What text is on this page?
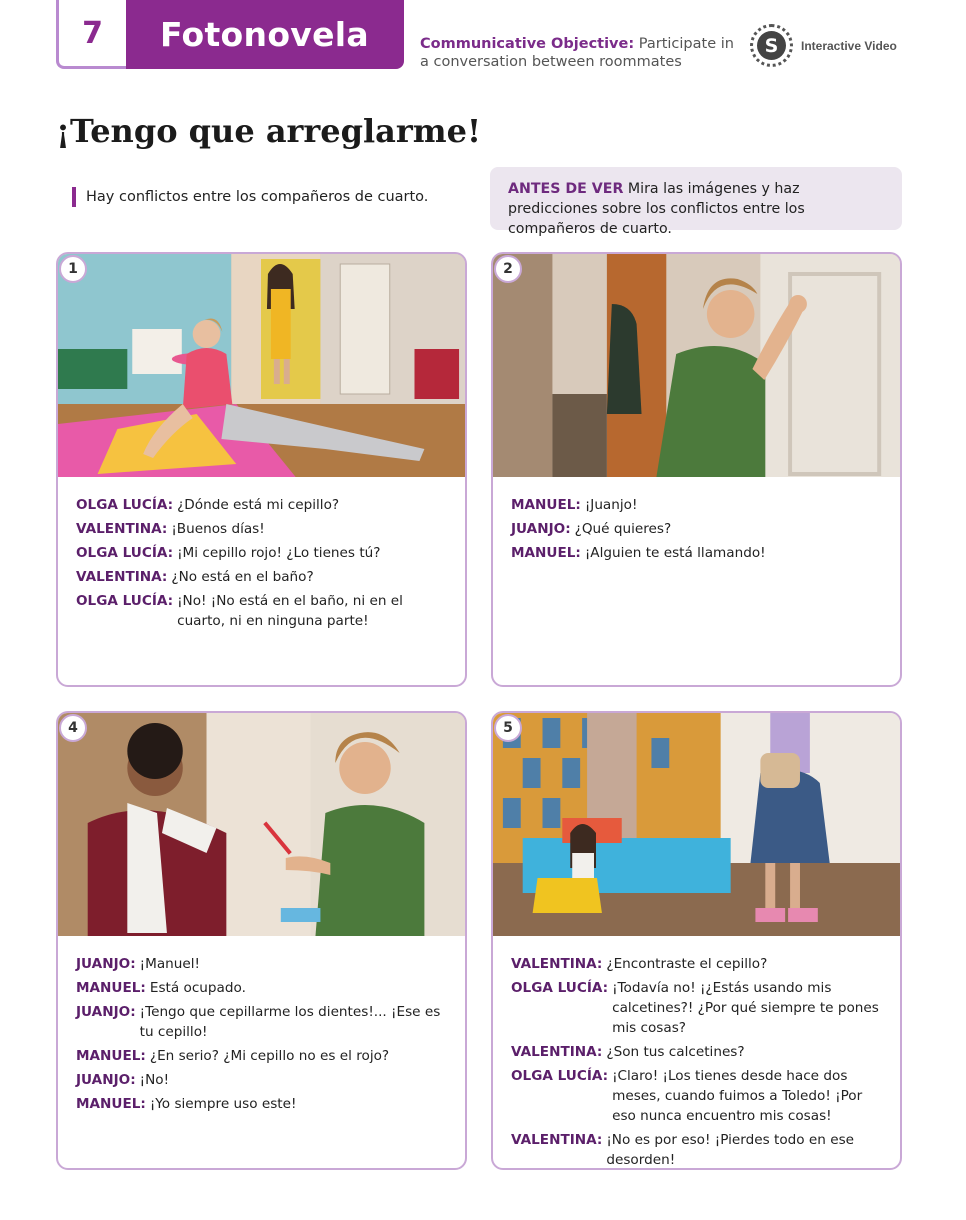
7 Fotonovela	Communicative Objective: Participate in a conversation between roommates
S	Interactive Video
¡Tengo que arreglarme!
Hay conflictos entre los compañeros de cuarto.	ANTES DE VER Mira las imágenes y haz predicciones sobre los conflictos entre los compañeros de cuarto.
1
OLGA LUCÍA: ¿Dónde está mi cepillo?
VALENTINA: ¡Buenos días!
OLGA LUCÍA: ¡Mi cepillo rojo! ¿Lo tienes tú?
VALENTINA: ¿No está en el baño?
OLGA LUCÍA: ¡No! ¡No está en el baño, ni en el cuarto, ni en ninguna parte!
2
MANUEL: ¡Juanjo!
JUANJO: ¿Qué quieres?
MANUEL: ¡Alguien te está llamando!
4
JUANJO: ¡Manuel!
MANUEL: Está ocupado.
JUANJO: ¡Tengo que cepillarme los dientes!... ¡Ese es tu cepillo!
MANUEL: ¿En serio? ¿Mi cepillo no es el rojo?
JUANJO: ¡No!
MANUEL: ¡Yo siempre uso este!
5
VALENTINA: ¿Encontraste el cepillo?
OLGA LUCÍA: ¡Todavía no! ¡¿Estás usando mis calcetines?! ¿Por qué siempre te pones mis cosas?
VALENTINA: ¿Son tus calcetines?
OLGA LUCÍA: ¡Claro! ¡Los tienes desde hace dos meses, cuando fuimos a Toledo! ¡Por eso nunca encuentro mis cosas!
VALENTINA: ¡No es por eso! ¡Pierdes todo en ese desorden!
